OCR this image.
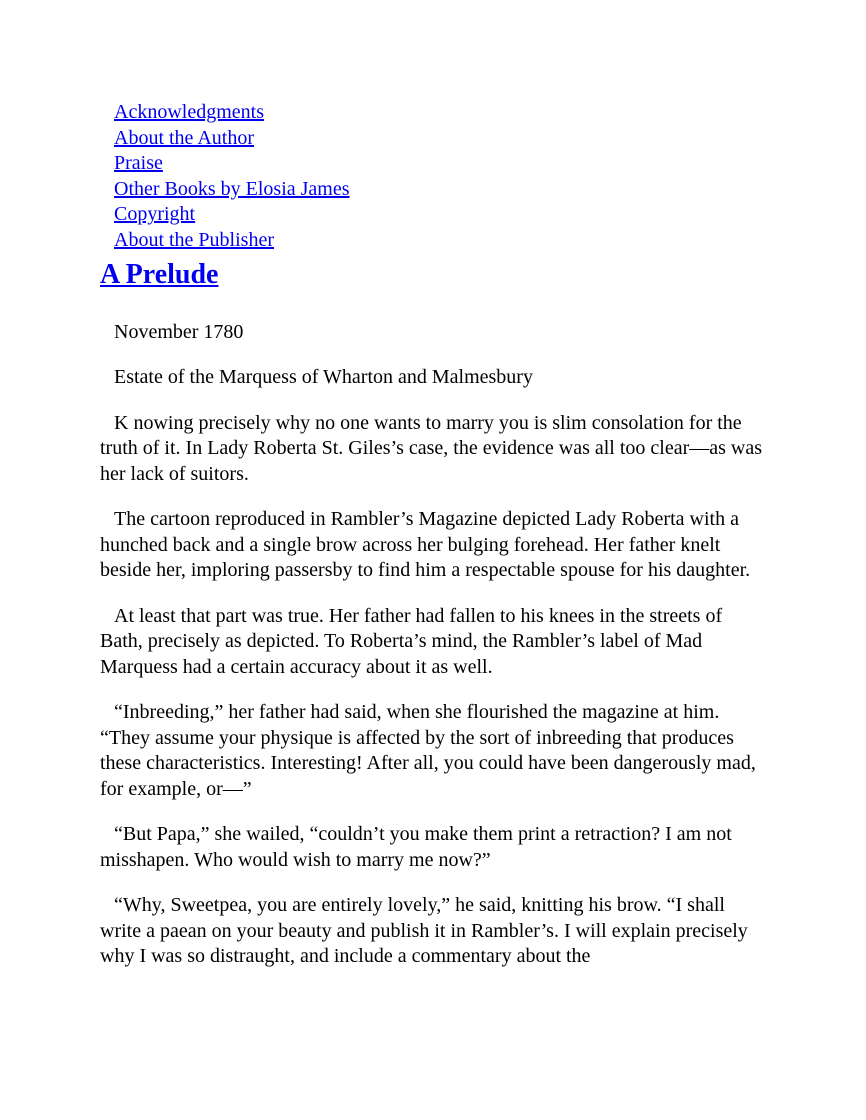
Acknowledgments
About the Author
Praise
Other Books by Elosia James
Copyright
About the Publisher
A Prelude

November 1780

Estate of the Marquess of Wharton and Malmesbury

K nowing precisely why no one wants to marry you is slim consolation for the truth of it. In Lady Roberta St. Giles’s case, the evidence was all too clear—as was her lack of suitors.

The cartoon reproduced in Rambler’s Magazine depicted Lady Roberta with a hunched back and a single brow across her bulging forehead. Her father knelt beside her, imploring passersby to find him a respectable spouse for his daughter.

At least that part was true. Her father had fallen to his knees in the streets of Bath, precisely as depicted. To Roberta’s mind, the Rambler’s label of Mad Marquess had a certain accuracy about it as well.

“Inbreeding,” her father had said, when she flourished the magazine at him. “They assume your physique is affected by the sort of inbreeding that produces these characteristics. Interesting! After all, you could have been dangerously mad, for example, or—”

“But Papa,” she wailed, “couldn’t you make them print a retraction? I am not misshapen. Who would wish to marry me now?”

“Why, Sweetpea, you are entirely lovely,” he said, knitting his brow. “I shall write a paean on your beauty and publish it in Rambler’s. I will explain precisely why I was so distraught, and include a commentary about the
